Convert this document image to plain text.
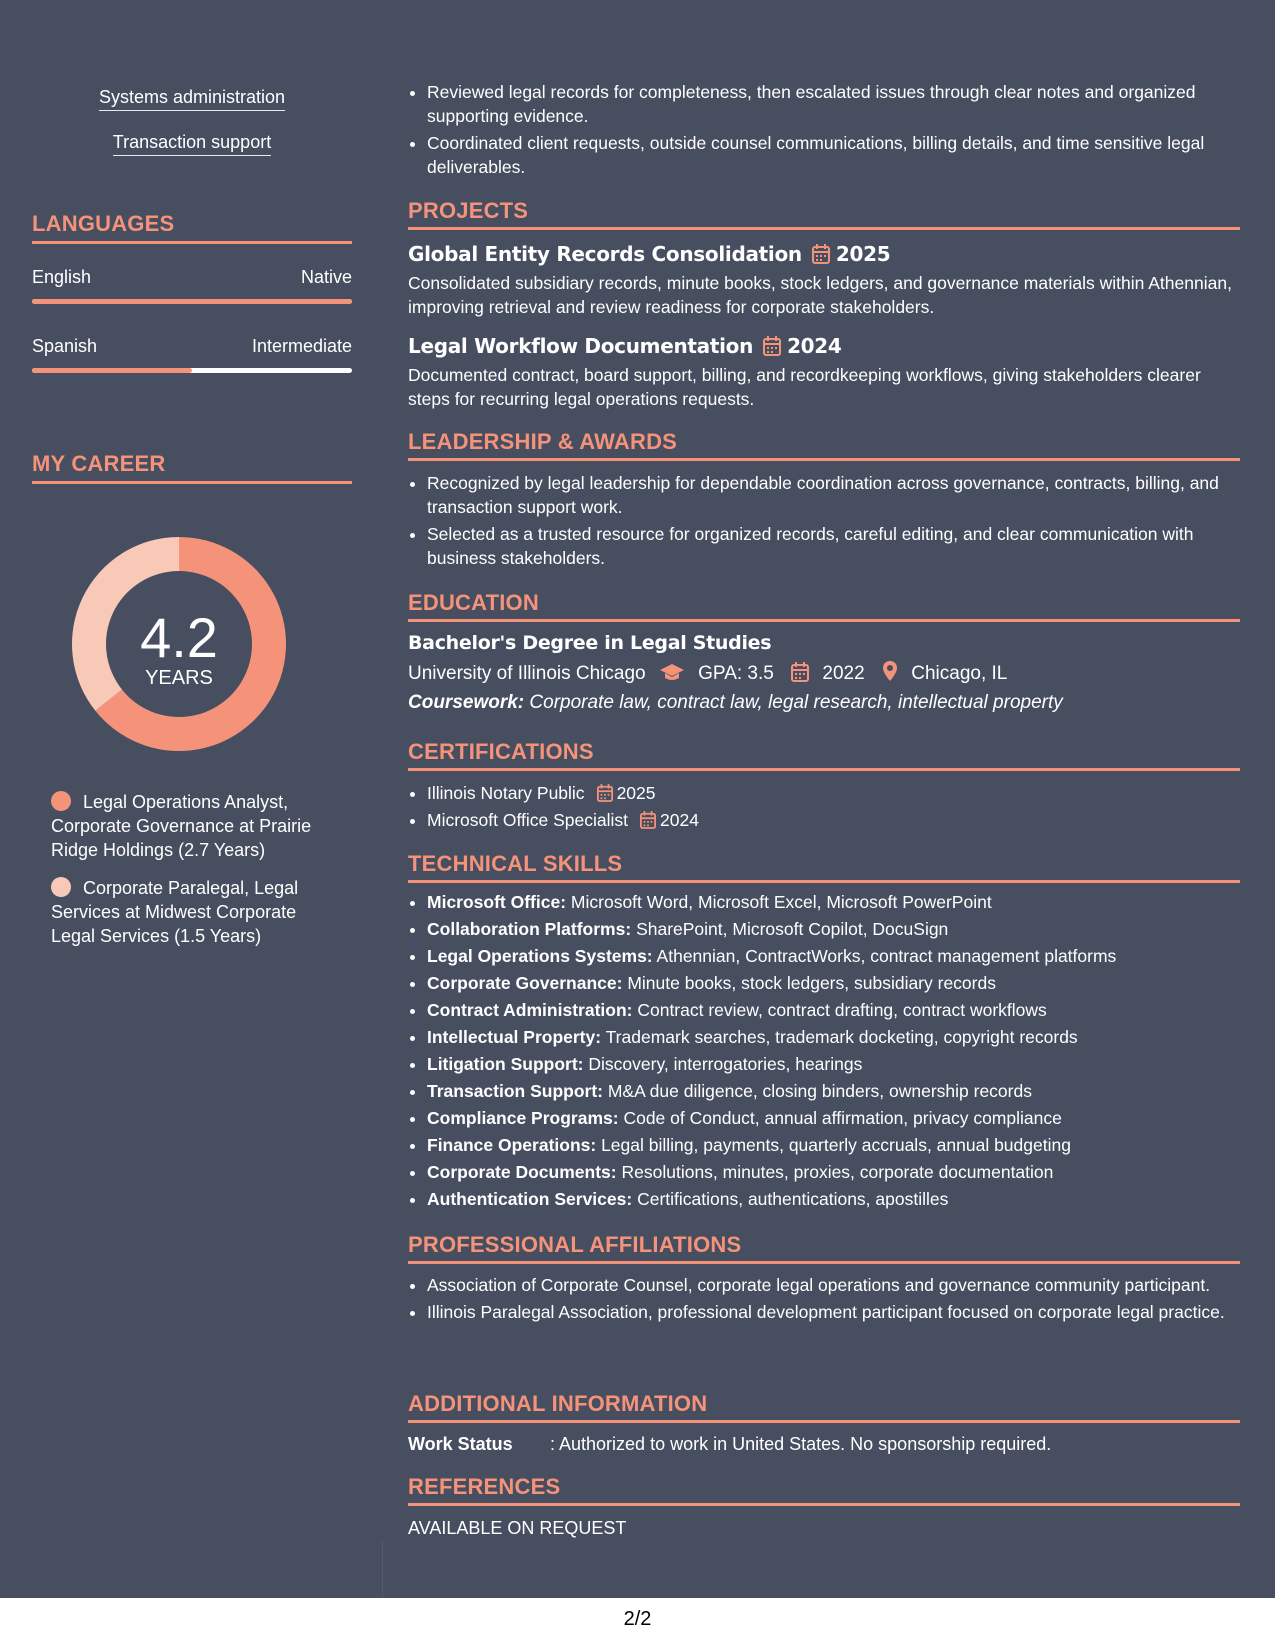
Systems administration
Transaction support
LANGUAGES
English	Native
Spanish	Intermediate
MY CAREER
4.2
YEARS
Legal Operations Analyst, Corporate Governance at Prairie Ridge Holdings (2.7 Years)
Corporate Paralegal, Legal Services at Midwest Corporate Legal Services (1.5 Years)
• Reviewed legal records for completeness, then escalated issues through clear notes and organized supporting evidence.
• Coordinated client requests, outside counsel communications, billing details, and time sensitive legal deliverables.
PROJECTS
Global Entity Records Consolidation 2025
Consolidated subsidiary records, minute books, stock ledgers, and governance materials within Athennian, improving retrieval and review readiness for corporate stakeholders.
Legal Workflow Documentation 2024
Documented contract, board support, billing, and recordkeeping workflows, giving stakeholders clearer steps for recurring legal operations requests.
LEADERSHIP & AWARDS
• Recognized by legal leadership for dependable coordination across governance, contracts, billing, and transaction support work.
• Selected as a trusted resource for organized records, careful editing, and clear communication with business stakeholders.
EDUCATION
Bachelor's Degree in Legal Studies
University of Illinois Chicago	GPA: 3.5	2022 Chicago, IL
Coursework: Corporate law, contract law, legal research, intellectual property
CERTIFICATIONS
• Illinois Notary Public 2025
• Microsoft Office Specialist 2024
TECHNICAL SKILLS
• Microsoft Office: Microsoft Word, Microsoft Excel, Microsoft PowerPoint
• Collaboration Platforms: SharePoint, Microsoft Copilot, DocuSign
• Legal Operations Systems: Athennian, ContractWorks, contract management platforms
• Corporate Governance: Minute books, stock ledgers, subsidiary records
• Contract Administration: Contract review, contract drafting, contract workflows
• Intellectual Property: Trademark searches, trademark docketing, copyright records
• Litigation Support: Discovery, interrogatories, hearings
• Transaction Support: M&A due diligence, closing binders, ownership records
• Compliance Programs: Code of Conduct, annual affirmation, privacy compliance
• Finance Operations: Legal billing, payments, quarterly accruals, annual budgeting
• Corporate Documents: Resolutions, minutes, proxies, corporate documentation
• Authentication Services: Certifications, authentications, apostilles
PROFESSIONAL AFFILIATIONS
• Association of Corporate Counsel, corporate legal operations and governance community participant.
• Illinois Paralegal Association, professional development participant focused on corporate legal practice.
ADDITIONAL INFORMATION
Work Status : Authorized to work in United States. No sponsorship required.
REFERENCES
AVAILABLE ON REQUEST
2/2
